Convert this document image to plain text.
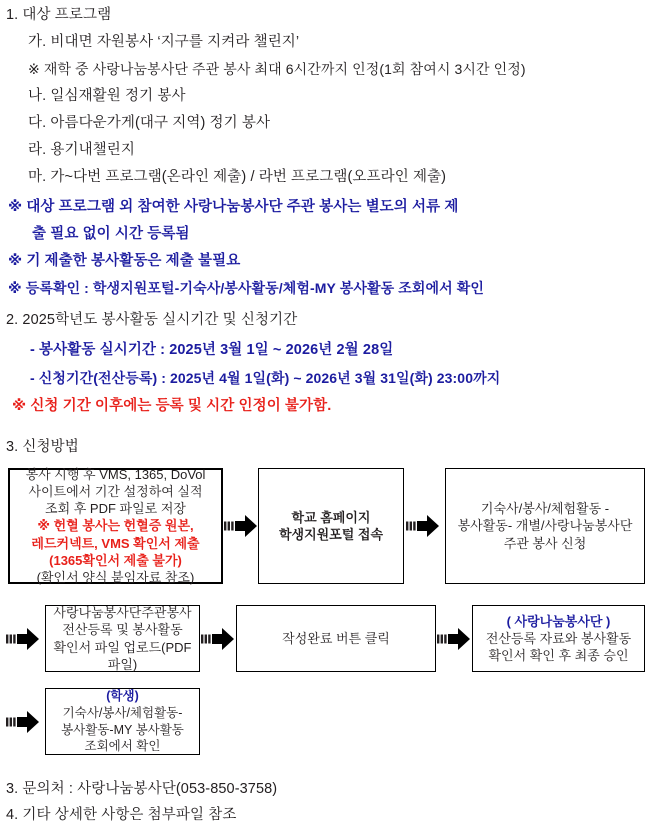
1. 대상 프로그램
가. 비대면 자원봉사 ‘지구를 지켜라 챌린지’
※ 재학 중 사랑나눔봉사단 주관 봉사 최대 6시간까지 인정(1회 참여시 3시간 인정)
나. 일심재활원 정기 봉사
다. 아름다운가게(대구 지역) 정기 봉사
라. 용기내챌린지
마. 가~다번 프로그램(온라인 제출) / 라번 프로그램(오프라인 제출)
※ 대상 프로그램 외 참여한 사랑나눔봉사단 주관 봉사는 별도의 서류 제
출 필요 없이 시간 등록됨
※ 기 제출한 봉사활동은 제출 불필요
※ 등록확인 : 학생지원포털-기숙사/봉사활동/체험-MY 봉사활동 조회에서 확인
2. 2025학년도 봉사활동 실시기간 및 신청기간
- 봉사활동 실시기간 : 2025년 3월 1일 ~ 2026년 2월 28일
- 신청기간(전산등록) : 2025년 4월 1일(화) ~ 2026년 3월 31일(화) 23:00까지
※ 신청 기간 이후에는 등록 및 시간 인정이 불가함.
3. 신청방법
봉사 시행 후 VMS, 1365, DoVol
사이트에서 기간 설정하여 실적
조회 후 PDF 파일로 저장
※ 헌혈 봉사는 헌혈증 원본,
레드커넥트, VMS 확인서 제출
(1365확인서 제출 불가)
(확인서 양식 붙임자료 참조)
학교 홈페이지
학생지원포털 접속
기숙사/봉사/체험활동 -
봉사활동- 개별/사랑나눔봉사단
주관 봉사 신청
사랑나눔봉사단주관봉사
전산등록 및 봉사활동
확인서 파일 업로드(PDF
파일)
작성완료 버튼 클릭
( 사랑나눔봉사단 )
전산등록 자료와 봉사활동
확인서 확인 후 최종 승인
(학생)
기숙사/봉사/체험활동-
봉사활동-MY 봉사활동
조회에서 확인
3. 문의처 : 사랑나눔봉사단(053-850-3758)
4. 기타 상세한 사항은 첨부파일 참조
